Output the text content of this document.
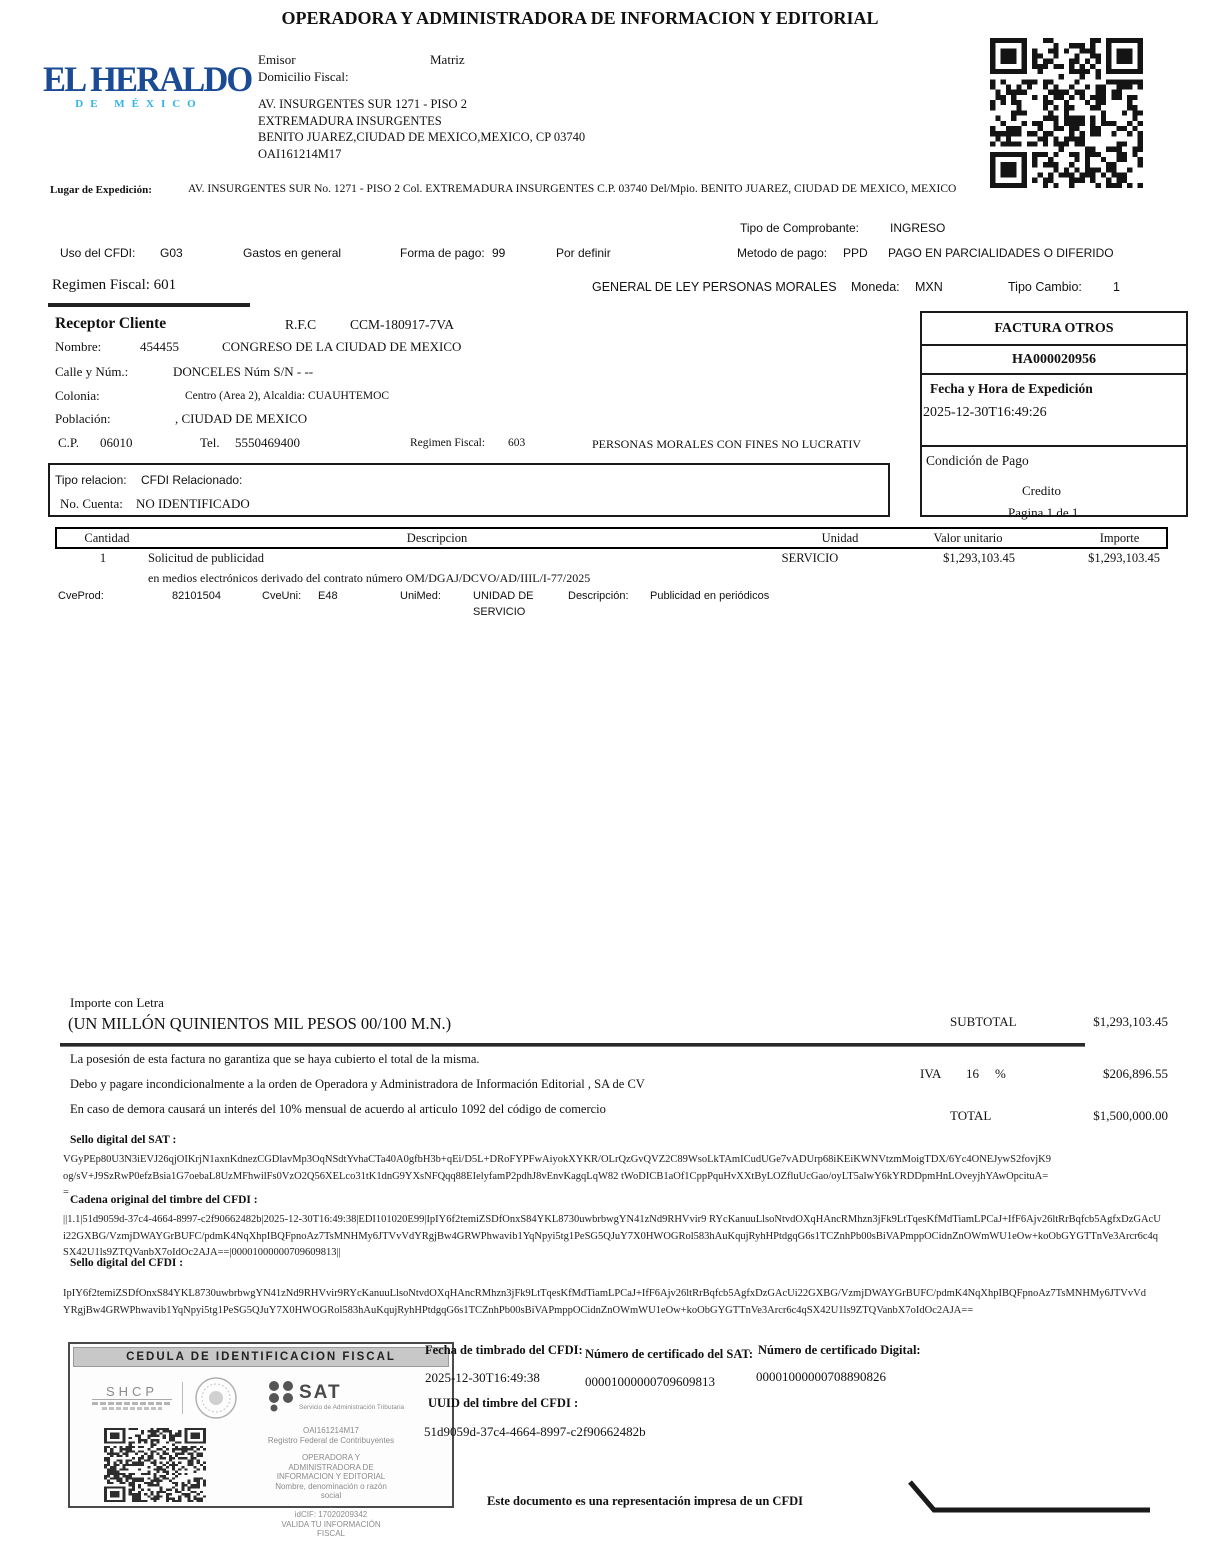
OPERADORA Y ADMINISTRADORA DE INFORMACION Y EDITORIAL
EL HERALDO
DE MÉXICO
Emisor	Matriz
Domicilio Fiscal:
AV. INSURGENTES SUR 1271 - PISO 2
EXTREMADURA INSURGENTES
BENITO JUAREZ,CIUDAD DE MEXICO,MEXICO, CP 03740
OAI161214M17
Lugar de Expedición:	AV. INSURGENTES SUR No. 1271 - PISO 2 Col. EXTREMADURA INSURGENTES C.P. 03740 Del/Mpio. BENITO JUAREZ, CIUDAD DE MEXICO, MEXICO
Tipo de Comprobante:	INGRESO
Uso del CFDI: G03	Gastos en general	Forma de pago: 99	Por definir	Metodo de pago: PPD PAGO EN PARCIALIDADES O DIFERIDO
Regimen Fiscal: 601	GENERAL DE LEY PERSONAS MORALES Moneda: MXN	Tipo Cambio: 1
Receptor Cliente	R.F.C	CCM-180917-7VA
Nombre:	454455	CONGRESO DE LA CIUDAD DE MEXICO
Calle y Núm.:	DONCELES Núm S/N - --
Colonia:	Centro (Area 2), Alcaldia: CUAUHTEMOC
Población:	, CIUDAD DE MEXICO
C.P. 06010	Tel. 5550469400	Regimen Fiscal: 603	PERSONAS MORALES CON FINES NO LUCRATIV
Tipo relacion: CFDI Relacionado:
No. Cuenta: NO IDENTIFICADO
FACTURA OTROS
HA000020956
Fecha y Hora de Expedición
2025-12-30T16:49:26
Condición de Pago
Credito
Pagina 1 de 1
Cantidad	Descripcion	Unidad	Valor unitario	Importe
1	Solicitud de publicidad	SERVICIO	$1,293,103.45	$1,293,103.45
en medios electrónicos derivado del contrato número OM/DGAJ/DCVO/AD/IIIL/I-77/2025
CveProd:	82101504	CveUni: E48	UniMed:	UNIDAD DE
SERVICIO
Descripción: Publicidad en periódicos
Importe con Letra
(UN MILLÓN QUINIENTOS MIL PESOS 00/100 M.N.)	SUBTOTAL	$1,293,103.45
La posesión de esta factura no garantiza que se haya cubierto el total de la misma.
Debo y pagare incondicionalmente a la orden de Operadora y Administradora de Información Editorial , SA de CV
En caso de demora causará un interés del 10% mensual de acuerdo al articulo 1092 del código de comercio
IVA 16 %	$206,896.55
TOTAL	$1,500,000.00
Sello digital del SAT :
VGyPEp80U3N3iEVJ26qjOIKrjN1axnKdnezCGDlavMp3OqNSdtYvhaCTa40A0gfbH3b+qEi/D5L+DRoFYPFwAiyokXYKR/OLrQzGvQVZ2C89WsoLkTAmICudUGe7vADUrp68iKEiKWNVtzmMoigTDX/6Yc4ONEJywS2fovjK9og/sV+J9SzRwP0efzBsia1G7oebaL8UzMFhwilFs0VzO2Q56XELco31tK1dnG9YXsNFQqq88EIelyfamP2pdhJ8vEnvKagqLqW82 tWoDICB1aOf1CppPquHvXXtByLOZfluUcGao/oyLT5alwY6kYRDDpmHnLOveyjhYAwOpcituA==
Cadena original del timbre del CFDI :
||1.1|51d9059d-37c4-4664-8997-c2f90662482b|2025-12-30T16:49:38|EDI101020E99|IpIY6f2temiZSDfOnxS84YKL8730uwbrbwgYN41zNd9RHVvir9 RYcKanuuLlsoNtvdOXqHAncRMhzn3jFk9LtTqesKfMdTiamLPCaJ+IfF6Ajv26ltRrBqfcb5AgfxDzGAcUi22GXBG/VzmjDWAYGrBUFC/pdmK4NqXhpIBQFpnoAz7TsMNHMy6JTVvVdYRgjBw4GRWPhwavib1YqNpyi5tg1PeSG5QJuY7X0HWOGRol583hAuKqujRyhHPtdgqG6s1TCZnhPb00sBiVAPmppOCidnZnOWmWU1eOw+koObGYGTTnVe3Arcr6c4qSX42U1ls9ZTQVanbX7oIdOc2AJA==|00001000000709609813||
Sello digital del CFDI :
IpIY6f2temiZSDfOnxS84YKL8730uwbrbwgYN41zNd9RHVvir9RYcKanuuLlsoNtvdOXqHAncRMhzn3jFk9LtTqesKfMdTiamLPCaJ+IfF6Ajv26ltRrBqfcb5AgfxDzGAcUi22GXBG/VzmjDWAYGrBUFC/pdmK4NqXhpIBQFpnoAz7TsMNHMy6JTVvVdYRgjBw4GRWPhwavib1YqNpyi5tg1PeSG5QJuY7X0HWOGRol583hAuKqujRyhHPtdgqG6s1TCZnhPb00sBiVAPmppOCidnZnOWmWU1eOw+koObGYGTTnVe3Arcr6c4qSX42U1ls9ZTQVanbX7oIdOc2AJA==
CEDULA DE IDENTIFICACION FISCAL
SHCP	SAT
Servicio de Administración Tributaria
OAI161214M17
Registro Federal de Contribuyentes
OPERADORA Y
ADMINISTRADORA DE
INFORMACION Y EDITORIAL
Nombre, denominación o razón
social
.
idCIF: 17020209342
VALIDA TU INFORMACIÓN
FISCAL
Fecha de timbrado del CFDI:
2025-12-30T16:49:38
Número de certificado del SAT:
00001000000709609813
Número de certificado Digital:
00001000000708890826
UUID del timbre del CFDI :
51d9059d-37c4-4664-8997-c2f90662482b
Este documento es una representación impresa de un CFDI
